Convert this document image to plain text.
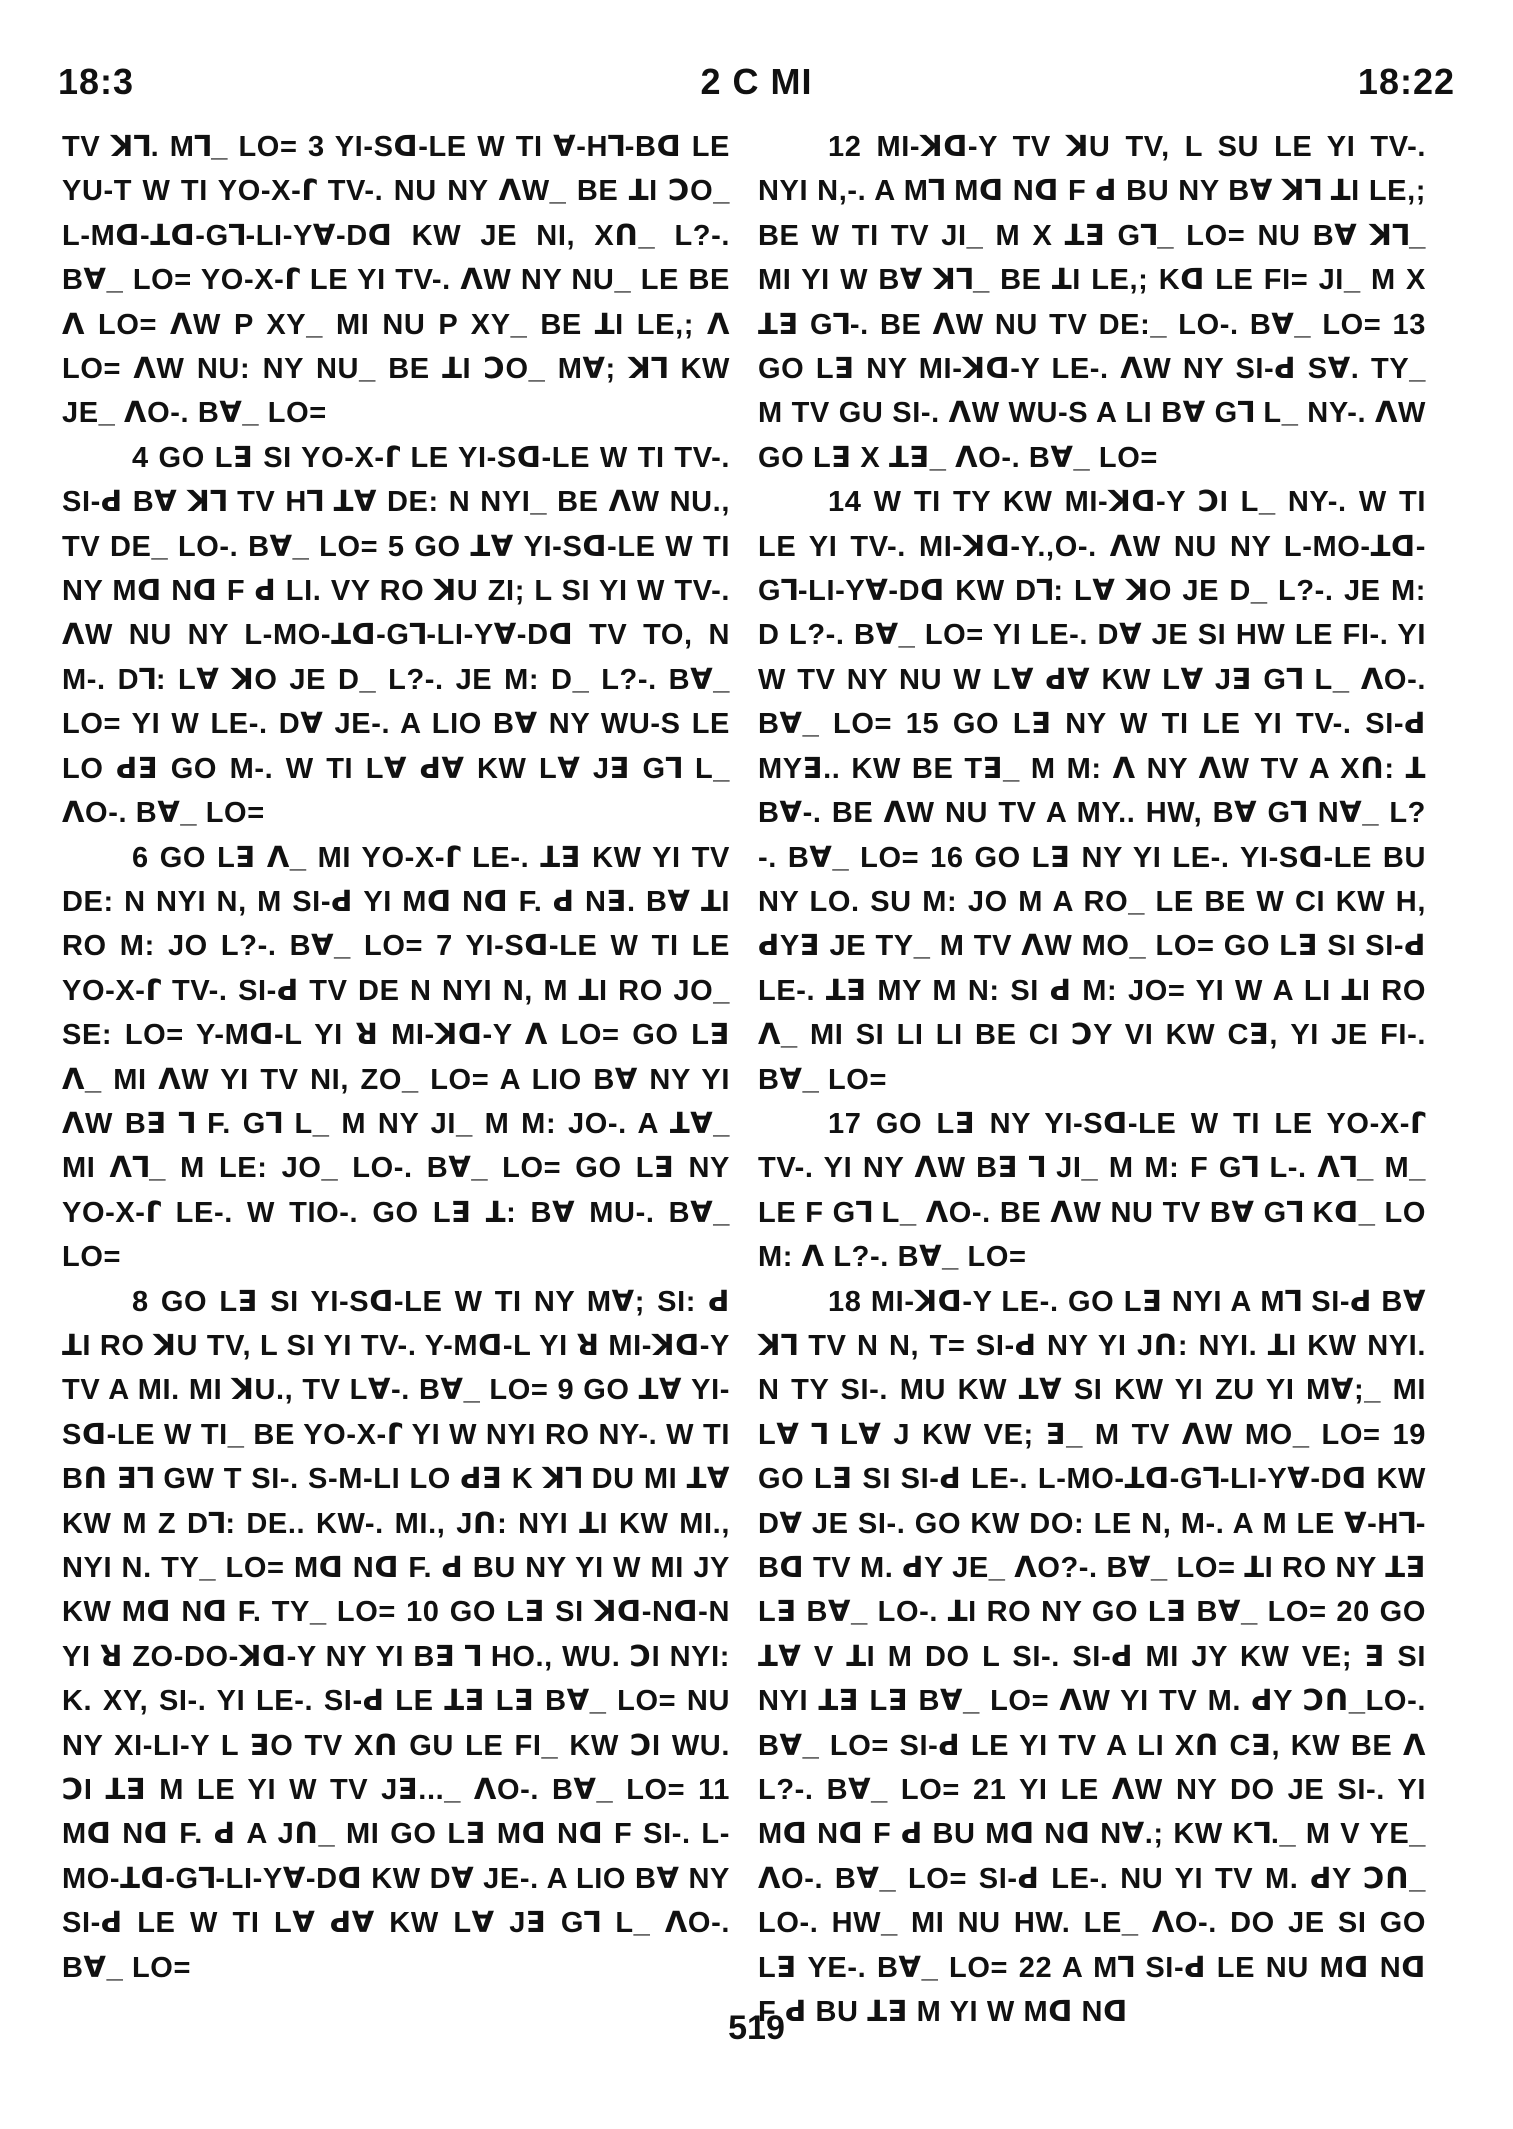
2 C MI
18:3	18:22

TV ꓘꓶ. Mꓶ_ LO= 3 YI-Sꓷ-LE W TI ∀-Hꓶ-Bꓷ LE YU-T W TI YO-X-ꓩ TV-. NU NY ꓥW_ BE ꓕI ꓛO_ L-Mꓷ-ꓕꓷ-Gꓶ-LI-Y∀-Dꓷ KW JE NI, Xꓵ_ L?-. B∀_ LO= YO-X-ꓩ LE YI TV-. ꓥW NY NU_ LE BE ꓥ LO= ꓥW P XY_ MI NU P XY_ BE ꓕI LE,; ꓥ LO= ꓥW NU: NY NU_ BE ꓕI ꓛO_ M∀; ꓘꓶ KW JE_ ꓥO-. B∀_ LO=

4 GO Lꓱ SI YO-X-ꓩ LE YI-Sꓷ-LE W TI TV-. SI-ꓒ B∀ ꓘꓶ TV Hꓶ ꓕ∀ DE: N NYI_ BE ꓥW NU., TV DE_ LO-. B∀_ LO= 5 GO ꓕ∀ YI-Sꓷ-LE W TI NY Mꓷ Nꓷ F ꓒ LI. VY RO ꓘU ZI; L SI YI W TV-. ꓥW NU NY L-MO-ꓕꓷ-Gꓶ-LI-Y∀-Dꓷ TV TO, N M-. Dꓶ: L∀ ꓘO JE D_ L?-. JE M: D_ L?-. B∀_ LO= YI W LE-. D∀ JE-. A LIO B∀ NY WU-S LE LO ꓒꓱ GO M-. W TI L∀ ꓒ∀ KW L∀ Jꓱ Gꓶ L_ ꓥO-. B∀_ LO=

6 GO Lꓱ ꓥ_ MI YO-X-ꓩ LE-. ꓕꓱ KW YI TV DE: N NYI N, M SI-ꓒ YI Mꓷ Nꓷ F. ꓒ Nꓱ. B∀ ꓕI RO M: JO L?-. B∀_ LO= 7 YI-Sꓷ-LE W TI LE YO-X-ꓩ TV-. SI-ꓒ TV DE N NYI N, M ꓕI RO JO_ SE: LO= Y-Mꓷ-L YI ꓤ MI-ꓘꓷ-Y ꓥ LO= GO Lꓱ ꓥ_ MI ꓥW YI TV NI, ZO_ LO= A LIO B∀ NY YI ꓥW Bꓱ ꓶ F. Gꓶ L_ M NY JI_ M M: JO-. A ꓕ∀_ MI ꓥꓶ_ M LE: JO_ LO-. B∀_ LO= GO Lꓱ NY YO-X-ꓩ LE-. W TIO-. GO Lꓱ ꓕ: B∀ MU-. B∀_ LO=

8 GO Lꓱ SI YI-Sꓷ-LE W TI NY M∀; SI: ꓒ ꓕI RO ꓘU TV, L SI YI TV-. Y-Mꓷ-L YI ꓤ MI-ꓘꓷ-Y TV A MI. MI ꓘU., TV L∀-. B∀_ LO= 9 GO ꓕ∀ YI-Sꓷ-LE W TI_ BE YO-X-ꓩ YI W NYI RO NY-. W TI Bꓵ ꓱꓶ GW T SI-. S-M-LI LO ꓒꓱ K ꓘꓶ DU MI ꓕ∀ KW M Z Dꓶ: DE.. KW-. MI., Jꓵ: NYI ꓕI KW MI., NYI N. TY_ LO= Mꓷ Nꓷ F. ꓒ BU NY YI W MI JY KW Mꓷ Nꓷ F. TY_ LO= 10 GO Lꓱ SI ꓘꓷ-Nꓷ-N YI ꓤ ZO-DO-ꓘꓷ-Y NY YI Bꓱ ꓶ HO., WU. ꓛI NYI: K. XY, SI-. YI LE-. SI-ꓒ LE ꓕꓱ Lꓱ B∀_ LO= NU NY XI-LI-Y L ꓱO TV Xꓵ GU LE FI_ KW ꓛI WU. ꓛI ꓕꓱ M LE YI W TV Jꓱ..._ ꓥO-. B∀_ LO= 11 Mꓷ Nꓷ F. ꓒ A Jꓵ_ MI GO Lꓱ Mꓷ Nꓷ F SI-. L-MO-ꓕꓷ-Gꓶ-LI-Y∀-Dꓷ KW D∀ JE-. A LIO B∀ NY SI-ꓒ LE W TI L∀ ꓒ∀ KW L∀ Jꓱ Gꓶ L_ ꓥO-. B∀_ LO=

12 MI-ꓘꓷ-Y TV ꓘU TV, L SU LE YI TV-. NYI N,-. A Mꓶ Mꓷ Nꓷ F ꓒ BU NY B∀ ꓘꓶ ꓕI LE,; BE W TI TV JI_ M X ꓕꓱ Gꓶ_ LO= NU B∀ ꓘꓶ_ MI YI W B∀ ꓘꓶ_ BE ꓕI LE,; Kꓷ LE FI= JI_ M X ꓕꓱ Gꓶ-. BE ꓥW NU TV DE:_ LO-. B∀_ LO= 13 GO Lꓱ NY MI-ꓘꓷ-Y LE-. ꓥW NY SI-ꓒ S∀. TY_ M TV GU SI-. ꓥW WU-S A LI B∀ Gꓶ L_ NY-. ꓥW GO Lꓱ X ꓕꓱ_ ꓥO-. B∀_ LO=

14 W TI TY KW MI-ꓘꓷ-Y ꓛI L_ NY-. W TI LE YI TV-. MI-ꓘꓷ-Y.,O-. ꓥW NU NY L-MO-ꓕꓷ-Gꓶ-LI-Y∀-Dꓷ KW Dꓶ: L∀ ꓘO JE D_ L?-. JE M: D L?-. B∀_ LO= YI LE-. D∀ JE SI HW LE FI-. YI W TV NY NU W L∀ ꓒ∀ KW L∀ Jꓱ Gꓶ L_ ꓥO-. B∀_ LO= 15 GO Lꓱ NY W TI LE YI TV-. SI-ꓒ MYꓱ.. KW BE Tꓱ_ M M: ꓥ NY ꓥW TV A Xꓵ: ꓕ B∀-. BE ꓥW NU TV A MY.. HW, B∀ Gꓶ N∀_ L?-. B∀_ LO= 16 GO Lꓱ NY YI LE-. YI-Sꓷ-LE BU NY LO. SU M: JO M A RO_ LE BE W CI KW H, ꓒYꓱ JE TY_ M TV ꓥW MO_ LO= GO Lꓱ SI SI-ꓒ LE-. ꓕꓱ MY M N: SI ꓒ M: JO= YI W A LI ꓕI RO ꓥ_ MI SI LI LI BE CI ꓛY VI KW Cꓱ, YI JE FI-. B∀_ LO=

17 GO Lꓱ NY YI-Sꓷ-LE W TI LE YO-X-ꓩ TV-. YI NY ꓥW Bꓱ ꓶ JI_ M M: F Gꓶ L-. ꓥꓶ_ M_ LE F Gꓶ L_ ꓥO-. BE ꓥW NU TV B∀ Gꓶ Kꓷ_ LO M: ꓥ L?-. B∀_ LO=

18 MI-ꓘꓷ-Y LE-. GO Lꓱ NYI A Mꓶ SI-ꓒ B∀ ꓘꓶ TV N N, T= SI-ꓒ NY YI Jꓵ: NYI. ꓕI KW NYI. N TY SI-. MU KW ꓕ∀ SI KW YI ZU YI M∀;_ MI L∀ ꓶ L∀ J KW VE; ꓱ_ M TV ꓥW MO_ LO= 19 GO Lꓱ SI SI-ꓒ LE-. L-MO-ꓕꓷ-Gꓶ-LI-Y∀-Dꓷ KW D∀ JE SI-. GO KW DO: LE N, M-. A M LE ∀-Hꓶ-Bꓷ TV M. ꓒY JE_ ꓥO?-. B∀_ LO= ꓕI RO NY ꓕꓱ Lꓱ B∀_ LO-. ꓕI RO NY GO Lꓱ B∀_ LO= 20 GO ꓕ∀ V ꓕI M DO L SI-. SI-ꓒ MI JY KW VE; ꓱ SI NYI ꓕꓱ Lꓱ B∀_ LO= ꓥW YI TV M. ꓒY ꓛꓵ_LO-. B∀_ LO= SI-ꓒ LE YI TV A LI Xꓵ Cꓱ, KW BE ꓥ L?-. B∀_ LO= 21 YI LE ꓥW NY DO JE SI-. YI Mꓷ Nꓷ F ꓒ BU Mꓷ Nꓷ N∀.; KW Kꓶ._ M V YE_ ꓥO-. B∀_ LO= SI-ꓒ LE-. NU YI TV M. ꓒY ꓛꓵ_ LO-. HW_ MI NU HW. LE_ ꓥO-. DO JE SI GO Lꓱ YE-. B∀_ LO= 22 A Mꓶ SI-ꓒ LE NU Mꓷ Nꓷ F ꓒ BU ꓕꓱ M YI W Mꓷ Nꓷ

519
